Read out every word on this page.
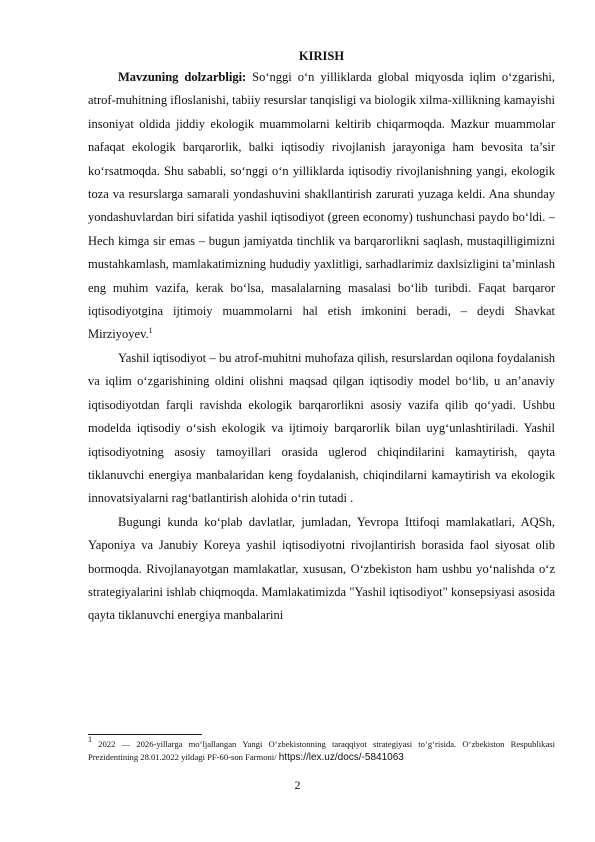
KIRISH

Mavzuning dolzarbligi: So‘nggi o‘n yilliklarda global miqyosda iqlim o‘zgarishi, atrof-muhitning ifloslanishi, tabiiy resurslar tanqisligi va biologik xilma-xillikning kamayishi insoniyat oldida jiddiy ekologik muammolarni keltirib chiqarmoqda. Mazkur muammolar nafaqat ekologik barqarorlik, balki iqtisodiy rivojlanish jarayoniga ham bevosita ta’sir ko‘rsatmoqda. Shu sababli, so‘nggi o‘n yilliklarda iqtisodiy rivojlanishning yangi, ekologik toza va resurslarga samarali yondashuvini shakllantirish zarurati yuzaga keldi. Ana shunday yondashuvlardan biri sifatida yashil iqtisodiyot (green economy) tushunchasi paydo bo‘ldi. – Hech kimga sir emas – bugun jamiyatda tinchlik va barqarorlikni saqlash, mustaqilligimizni mustahkamlash, mamlakatimizning hududiy yaxlitligi, sarhadlarimiz daxlsizligini ta’minlash eng muhim vazifa, kerak bo‘lsa, masalalarning masalasi bo‘lib turibdi. Faqat barqaror iqtisodiyotgina ijtimoiy muammolarni hal etish imkonini beradi, – deydi Shavkat Mirziyoyev.$^1$

Yashil iqtisodiyot – bu atrof-muhitni muhofaza qilish, resurslardan oqilona foydalanish va iqlim o‘zgarishining oldini olishni maqsad qilgan iqtisodiy model bo‘lib, u an’anaviy iqtisodiyotdan farqli ravishda ekologik barqarorlikni asosiy vazifa qilib qo‘yadi. Ushbu modelda iqtisodiy o‘sish ekologik va ijtimoiy barqarorlik bilan uyg‘unlashtiriladi. Yashil iqtisodiyotning asosiy tamoyillari orasida uglerod chiqindilarini kamaytirish, qayta tiklanuvchi energiya manbalaridan keng foydalanish, chiqindilarni kamaytirish va ekologik innovatsiyalarni rag‘batlantirish alohida o‘rin tutadi .

Bugungi kunda ko‘plab davlatlar, jumladan, Yevropa Ittifoqi mamlakatlari, AQSh, Yaponiya va Janubiy Koreya yashil iqtisodiyotni rivojlantirish borasida faol siyosat olib bormoqda. Rivojlanayotgan mamlakatlar, xususan, O‘zbekiston ham ushbu yo‘nalishda o‘z strategiyalarini ishlab chiqmoqda. Mamlakatimizda "Yashil iqtisodiyot" konsepsiyasi asosida qayta tiklanuvchi energiya manbalarini

$^1$ 2022 — 2026-yillarga mo‘ljallangan Yangi O‘zbekistonning taraqqiyot strategiyasi to‘g‘risida. O‘zbekiston Respublikasi Prezidentining 28.01.2022 yildagi PF-60-son Farmoni/ https://lex.uz/docs/-5841063
2
